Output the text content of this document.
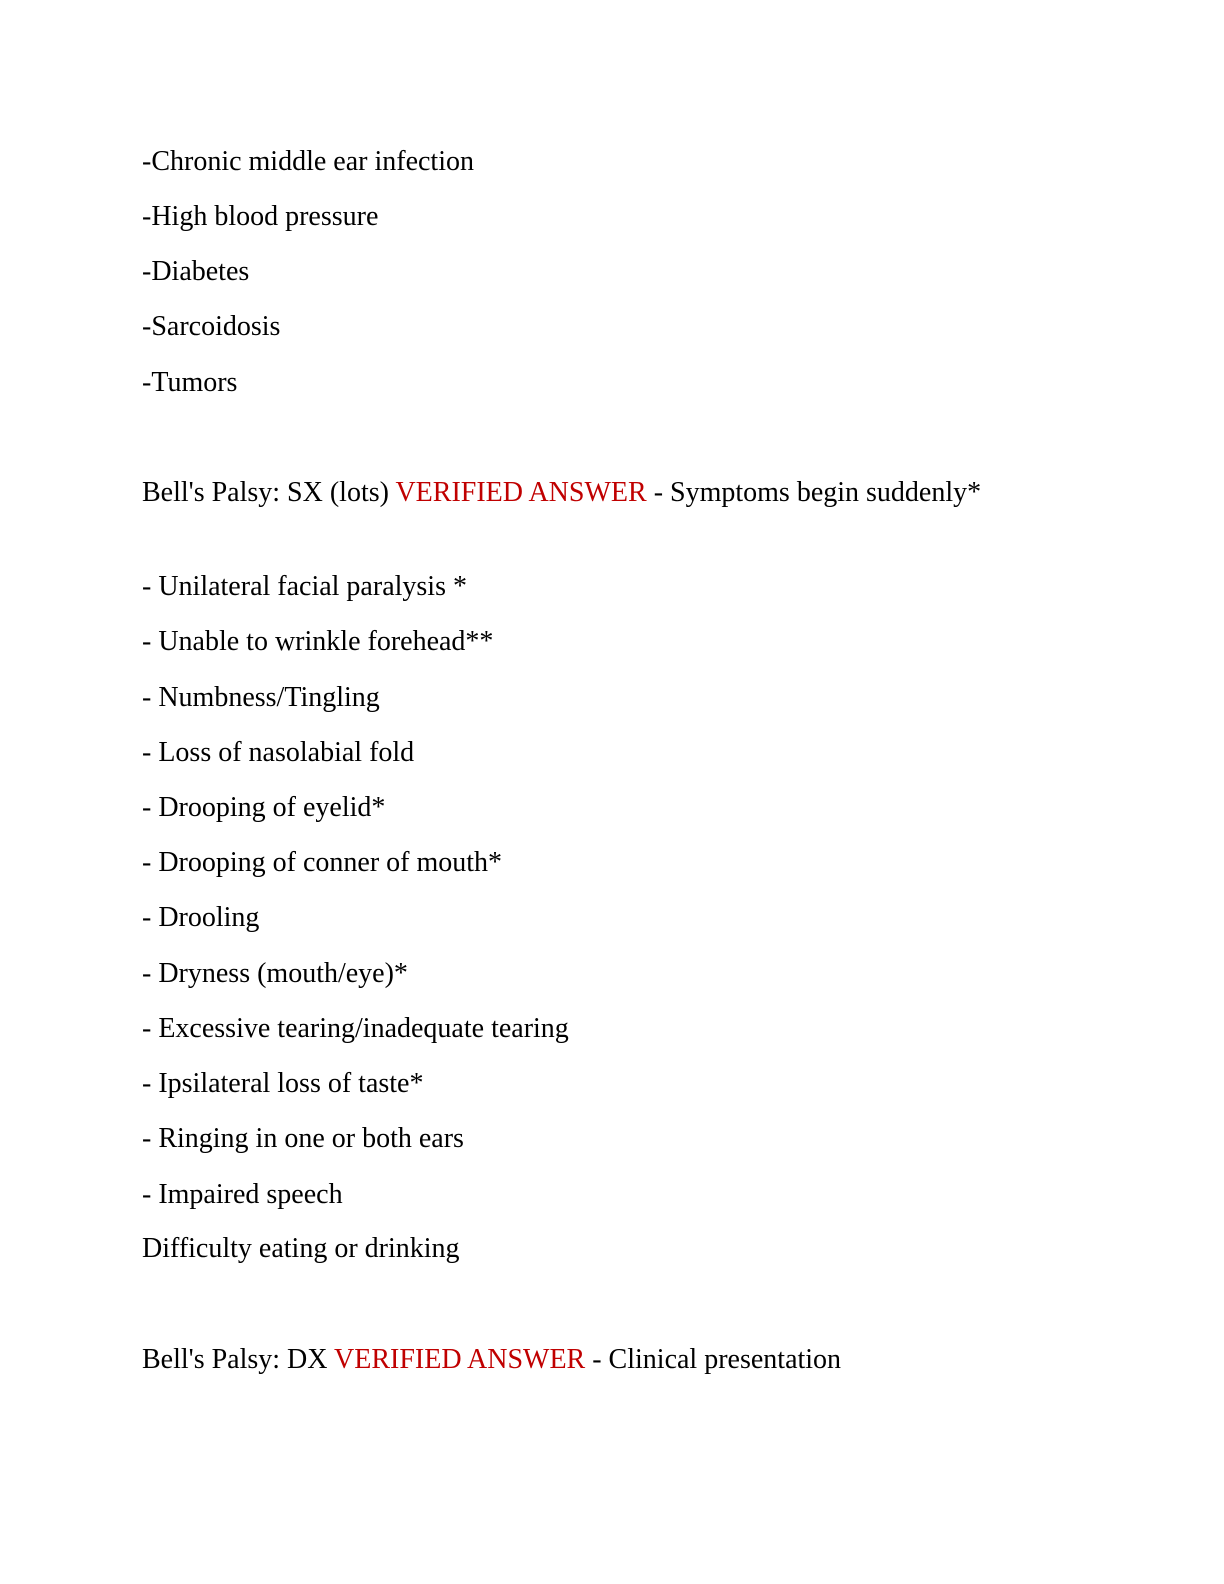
-Chronic middle ear infection
-High blood pressure
-Diabetes
-Sarcoidosis
-Tumors
Bell's Palsy: SX (lots) VERIFIED ANSWER - Symptoms begin suddenly*
- Unilateral facial paralysis *
- Unable to wrinkle forehead**
- Numbness/Tingling
- Loss of nasolabial fold
- Drooping of eyelid*
- Drooping of conner of mouth*
- Drooling
- Dryness (mouth/eye)*
- Excessive tearing/inadequate tearing
- Ipsilateral loss of taste*
- Ringing in one or both ears
- Impaired speech
Difficulty eating or drinking
Bell's Palsy: DX VERIFIED ANSWER - Clinical presentation
